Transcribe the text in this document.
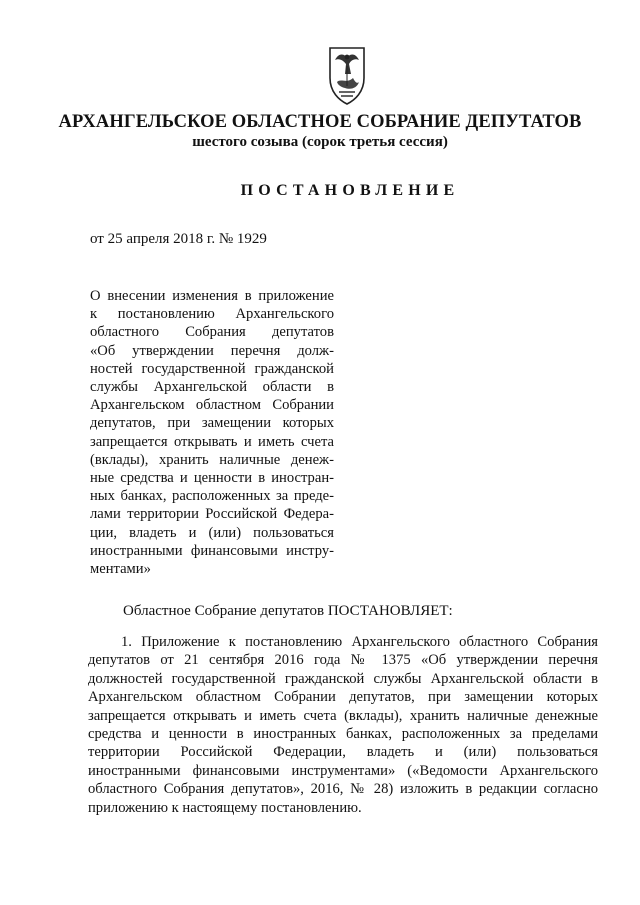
АРХАНГЕЛЬСКОЕ ОБЛАСТНОЕ СОБРАНИЕ ДЕПУТАТОВ
шестого созыва (сорок третья сессия)
ПОСТАНОВЛЕНИЕ
от 25 апреля 2018 г. № 1929
О внесении изменения в приложение
к постановлению Архангельского
областного Собрания депутатов
«Об утверждении перечня долж-
ностей государственной гражданской
службы Архангельской области в
Архангельском областном Собрании
депутатов, при замещении которых
запрещается открывать и иметь счета
(вклады), хранить наличные денеж-
ные средства и ценности в иностран-
ных банках, расположенных за преде-
лами территории Российской Федера-
ции, владеть и (или) пользоваться
иностранными финансовыми инстру-
ментами»
Областное Собрание депутатов ПОСТАНОВЛЯЕТ:
1. Приложение к постановлению Архангельского областного Собрания
депутатов от 21 сентября 2016 года № 1375 «Об утверждении перечня
должностей государственной гражданской службы Архангельской области в
Архангельском областном Собрании депутатов, при замещении которых
запрещается открывать и иметь счета (вклады), хранить наличные денежные
средства и ценности в иностранных банках, расположенных за пределами
территории Российской Федерации, владеть и (или) пользоваться
иностранными финансовыми инструментами» («Ведомости Архангельского
областного Собрания депутатов», 2016, № 28) изложить в редакции согласно
приложению к настоящему постановлению.
